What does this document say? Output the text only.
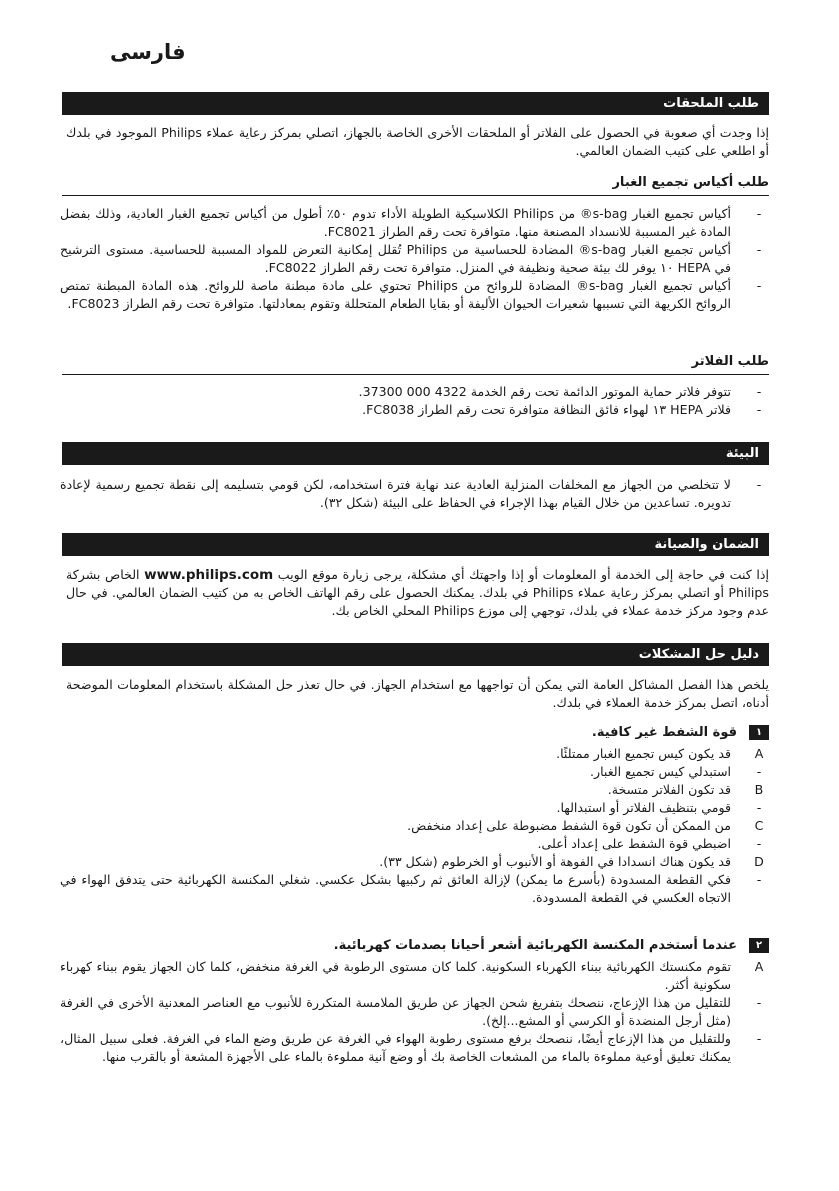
فارسی
طلب الملحقات

إذا وجدت أي صعوبة في الحصول على الفلاتر أو الملحقات الأخرى الخاصة بالجهاز، اتصلي بمركز رعاية عملاء Philips الموجود في بلدك أو اطلعي على كتيب الضمان العالمي.

طلب أكياس تجميع الغبار
-
أكياس تجميع الغبار s-bag® من Philips الكلاسيكية الطويلة الأداء تدوم ٥٠٪ أطول من أكياس تجميع الغبار العادية، وذلك بفضل المادة غير المسببة للانسداد المصنعة منها. متوافرة تحت رقم الطراز FC8021.
-
أكياس تجميع الغبار s-bag® المضادة للحساسية من Philips تُقلل إمكانية التعرض للمواد المسببة للحساسية. مستوى الترشيح في HEPA ١٠ يوفر لك بيئة صحية ونظيفة في المنزل. متوافرة تحت رقم الطراز FC8022.
-
أكياس تجميع الغبار s-bag® المضادة للروائح من Philips تحتوي على مادة مبطنة ماصة للروائح. هذه المادة المبطنة تمتص الروائح الكريهة التي تسببها شعيرات الحيوان الأليفة أو بقايا الطعام المتحللة وتقوم بمعادلتها. متوافرة تحت رقم الطراز FC8023.
طلب الفلاتر
-
تتوفر فلاتر حماية الموتور الدائمة تحت رقم الخدمة 4322 000 37300.
-
فلاتر HEPA ١٣ لهواء فائق النظافة متوافرة تحت رقم الطراز FC8038.
البيئة
-
لا تتخلصي من الجهاز مع المخلفات المنزلية العادية عند نهاية فترة استخدامه، لكن قومي بتسليمه إلى نقطة تجميع رسمية لإعادة تدويره. تساعدين من خلال القيام بهذا الإجراء في الحفاظ على البيئة (شكل ٣٢).
الضمان والصيانة

إذا كنت في حاجة إلى الخدمة أو المعلومات أو إذا واجهتك أي مشكلة، يرجى زيارة موقع الويب www.philips.com الخاص بشركة Philips أو اتصلي بمركز رعاية عملاء Philips في بلدك. يمكنك الحصول على رقم الهاتف الخاص به من كتيب الضمان العالمي. في حال عدم وجود مركز خدمة عملاء في بلدك، توجهي إلى موزع Philips المحلي الخاص بك.

دليل حل المشكلات

يلخص هذا الفصل المشاكل العامة التي يمكن أن تواجهها مع استخدام الجهاز. في حال تعذر حل المشكلة باستخدام المعلومات الموضحة أدناه، اتصل بمركز خدمة العملاء في بلدك.

١قوة الشفط غير كافية.
A
قد يكون كيس تجميع الغبار ممتلئًا.
-
استبدلي كيس تجميع الغبار.
B
قد تكون الفلاتر متسخة.
-
قومي بتنظيف الفلاتر أو استبدالها.
C
من الممكن أن تكون قوة الشفط مضبوطة على إعداد منخفض.
-
اضبطي قوة الشفط على إعداد أعلى.
D
قد يكون هناك انسدادا في الفوهة أو الأنبوب أو الخرطوم (شكل ٣٣).
-
فكي القطعة المسدودة (بأسرع ما يمكن) لإزالة العائق ثم ركبيها بشكل عكسي. شغلي المكنسة الكهربائية حتى يتدفق الهواء في الاتجاه العكسي في القطعة المسدودة.
٢عندما أستخدم المكنسة الكهربائية أشعر أحيانا بصدمات كهربائية.
A
تقوم مكنستك الكهربائية ببناء الكهرباء السكونية. كلما كان مستوى الرطوبة في الغرفة منخفض، كلما كان الجهاز يقوم ببناء كهرباء سكونية أكثر.
-
للتقليل من هذا الإزعاج، ننصحك بتفريغ شحن الجهاز عن طريق الملامسة المتكررة للأنبوب مع العناصر المعدنية الأخرى في الغرفة (مثل أرجل المنضدة أو الكرسي أو المشع...إلخ).
-
وللتقليل من هذا الإزعاج أيضًا، ننصحك برفع مستوى رطوبة الهواء في الغرفة عن طريق وضع الماء في الغرفة. فعلى سبيل المثال، يمكنك تعليق أوعية مملوءة بالماء من المشعات الخاصة بك أو وضع آنية مملوءة بالماء على الأجهزة المشعة أو بالقرب منها.
